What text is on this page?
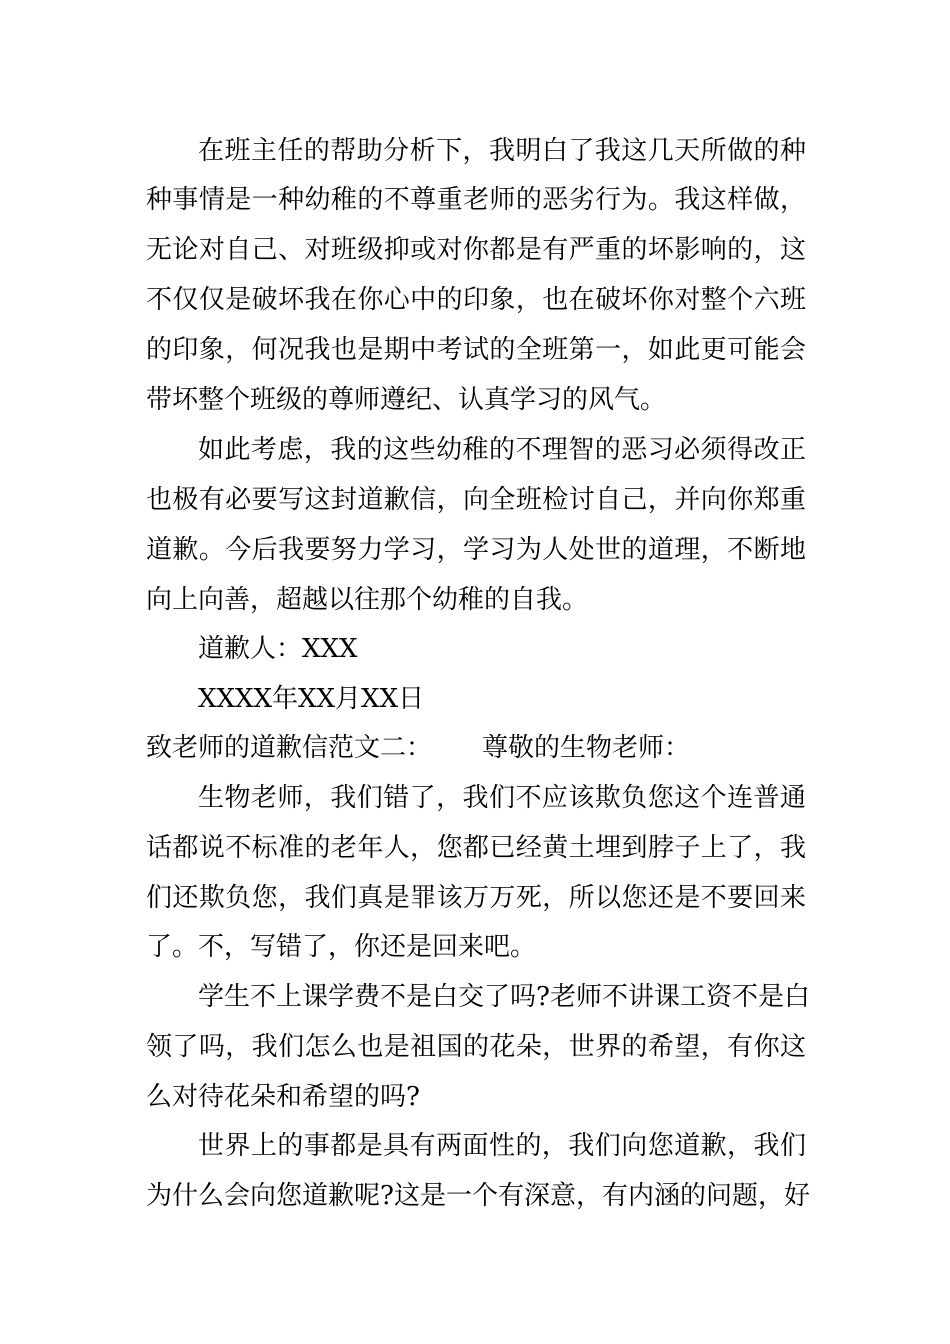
在班主任的帮助分析下，我明白了我这几天所做的种
种事情是一种幼稚的不尊重老师的恶劣行为。我这样做，
无论对自己、对班级抑或对你都是有严重的坏影响的，这
不仅仅是破坏我在你心中的印象，也在破坏你对整个六班
的印象，何况我也是期中考试的全班第一，如此更可能会
带坏整个班级的尊师遵纪、认真学习的风气。
如此考虑，我的这些幼稚的不理智的恶习必须得改正
也极有必要写这封道歉信，向全班检讨自己，并向你郑重
道歉。今后我要努力学习，学习为人处世的道理，不断地
向上向善，超越以往那个幼稚的自我。
道歉人：XXX
XXXX年XX月XX日
致老师的道歉信范文二： 尊敬的生物老师：
生物老师，我们错了，我们不应该欺负您这个连普通
话都说不标准的老年人，您都已经黄土埋到脖子上了，我
们还欺负您，我们真是罪该万万死，所以您还是不要回来
了。不，写错了，你还是回来吧。
学生不上课学费不是白交了吗?老师不讲课工资不是白
领了吗，我们怎么也是祖国的花朵，世界的希望，有你这
么对待花朵和希望的吗?
世界上的事都是具有两面性的，我们向您道歉，我们
为什么会向您道歉呢?这是一个有深意，有内涵的问题，好
